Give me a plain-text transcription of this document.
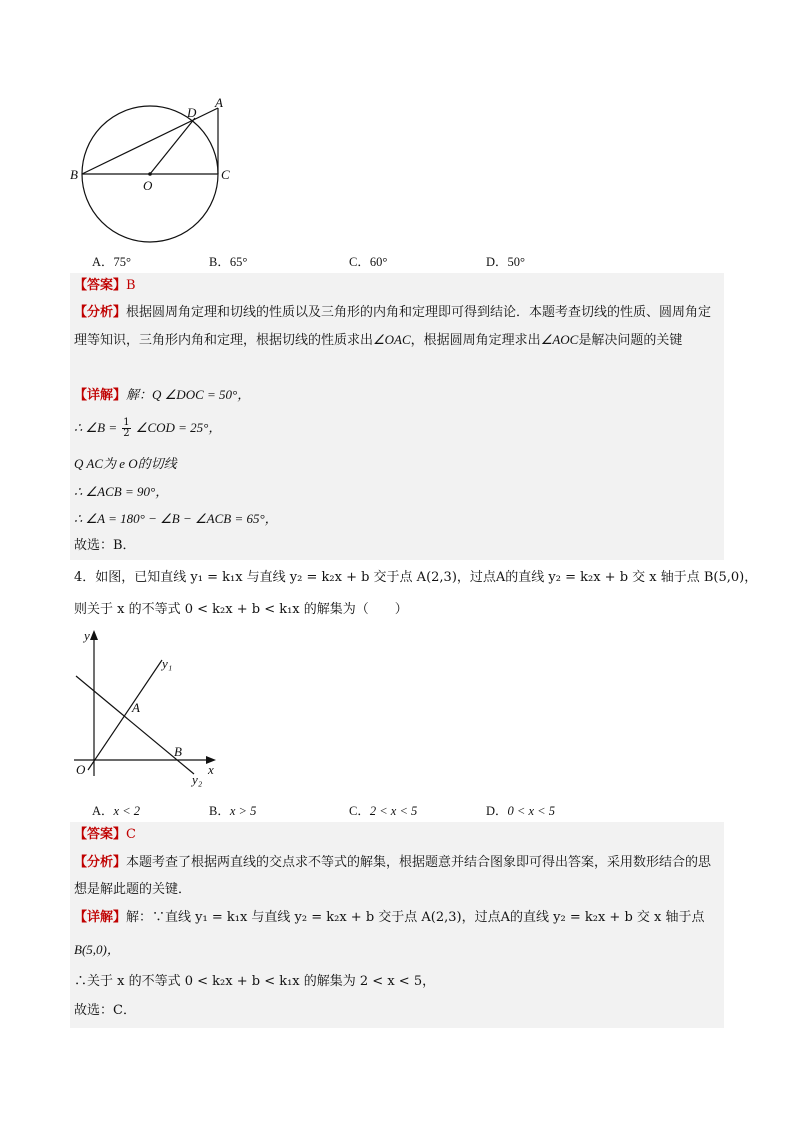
D
A
B
O
C
A．75°	B．65°	C．60°	D．50°
【答案】B
【分析】根据圆周角定理和切线的性质以及三角形的内角和定理即可得到结论．本题考查切线的性质、圆周角定理等知识，三角形内角和定理，根据切线的性质求出∠OAC，根据圆周角定理求出∠AOC是解决问题的关键
【详解】解：Q ∠DOC = 50°，
∴ ∠B = $\frac{1}{2}$ ∠COD = 25°，
Q AC为 e O的切线
∴ ∠ACB = 90°，
∴ ∠A = 180° − ∠B − ∠ACB = 65°，
故选：B．
4．如图，已知直线 y₁ = k₁x 与直线 y₂ = k₂x + b 交于点 A(2,3)，过点A的直线 y₂ = k₂x + b 交 x 轴于点 B(5,0)，
则关于 x 的不等式 0 < k₂x + b < k₁x 的解集为（　　）
y
y₁
A
B
O	x
y₂
A．x < 2	B．x > 5	C．2 < x < 5	D．0 < x < 5
【答案】C
【分析】本题考查了根据两直线的交点求不等式的解集，根据题意并结合图象即可得出答案，采用数形结合的思想是解此题的关键．
【详解】解：∵直线 y₁ = k₁x 与直线 y₂ = k₂x + b 交于点 A(2,3)，过点A的直线 y₂ = k₂x + b 交 x 轴于点
B(5,0)，
∴关于 x 的不等式 0 < k₂x + b < k₁x 的解集为 2 < x < 5，
故选：C．
